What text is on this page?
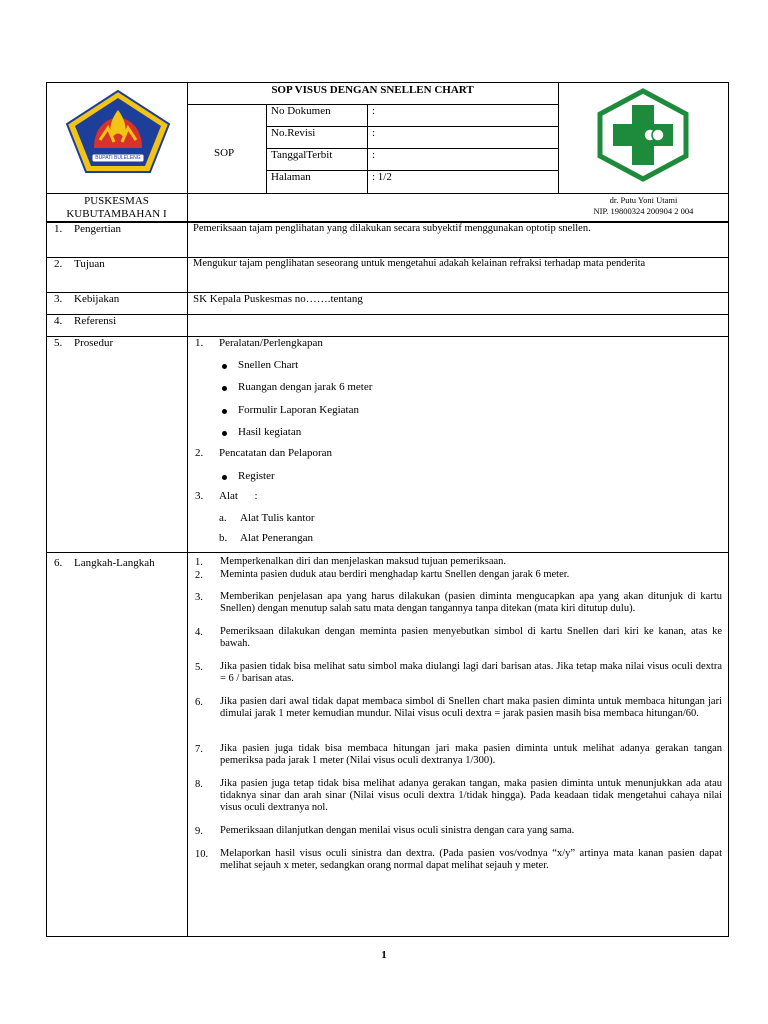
BUPATI BULELENG
SOP VISUS DENGAN SNELLEN CHART
SOP
No Dokumen	:
No.Revisi	:
TanggalTerbit	:
Halaman	: 1/2
PUSKESMAS
KUBUTAMBAHAN I
dr. Putu Yoni Utami
NIP. 19800324 200904 2 004
1. Pengertian	Pemeriksaan tajam penglihatan yang dilakukan secara subyektif menggunakan optotip snellen.
2. Tujuan	Mengukur tajam penglihatan seseorang untuk mengetahui adakah kelainan refraksi terhadap mata penderita
3. Kebijakan	SK Kepala Puskesmas no…….tentang
4. Referensi
5. Prosedur	1. Peralatan/Perlengkapan
Snellen Chart
Ruangan dengan jarak 6 meter
Formulir Laporan Kegiatan
Hasil kegiatan
2. Pencatatan dan Pelaporan
Register
3. Alat      :
a. Alat Tulis kantor
b. Alat Penerangan
6. Langkah-Langkah	1. Memperkenalkan diri dan menjelaskan maksud tujuan pemeriksaan.
2. Meminta pasien duduk atau berdiri menghadap kartu Snellen dengan jarak 6 meter.
3. Memberikan penjelasan apa yang harus dilakukan (pasien diminta mengucapkan apa yang akan ditunjuk di kartu Snellen) dengan menutup salah satu mata dengan tangannya tanpa ditekan (mata kiri ditutup dulu).
4. Pemeriksaan dilakukan dengan meminta pasien menyebutkan simbol di kartu Snellen dari kiri ke kanan, atas ke bawah.
5. Jika pasien tidak bisa melihat satu simbol maka diulangi lagi dari barisan atas. Jika tetap maka nilai visus oculi dextra = 6 / barisan atas.
6. Jika pasien dari awal tidak dapat membaca simbol di Snellen chart maka pasien diminta untuk membaca hitungan jari dimulai jarak 1 meter kemudian mundur. Nilai visus oculi dextra = jarak pasien masih bisa membaca hitungan/60.
7. Jika pasien juga tidak bisa membaca hitungan jari maka pasien diminta untuk melihat adanya gerakan tangan pemeriksa pada jarak 1 meter (Nilai visus oculi dextranya 1/300).
8. Jika pasien juga tetap tidak bisa melihat adanya gerakan tangan, maka pasien diminta untuk menunjukkan ada atau tidaknya sinar dan arah sinar (Nilai visus oculi dextra 1/tidak hingga). Pada keadaan tidak mengetahui cahaya nilai visus oculi dextranya nol.
9. Pemeriksaan dilanjutkan dengan menilai visus oculi sinistra dengan cara yang sama.
10. Melaporkan hasil visus oculi sinistra dan dextra. (Pada pasien vos/vodnya “x/y” artinya mata kanan pasien dapat melihat sejauh x meter, sedangkan orang normal dapat melihat sejauh y meter.
1
